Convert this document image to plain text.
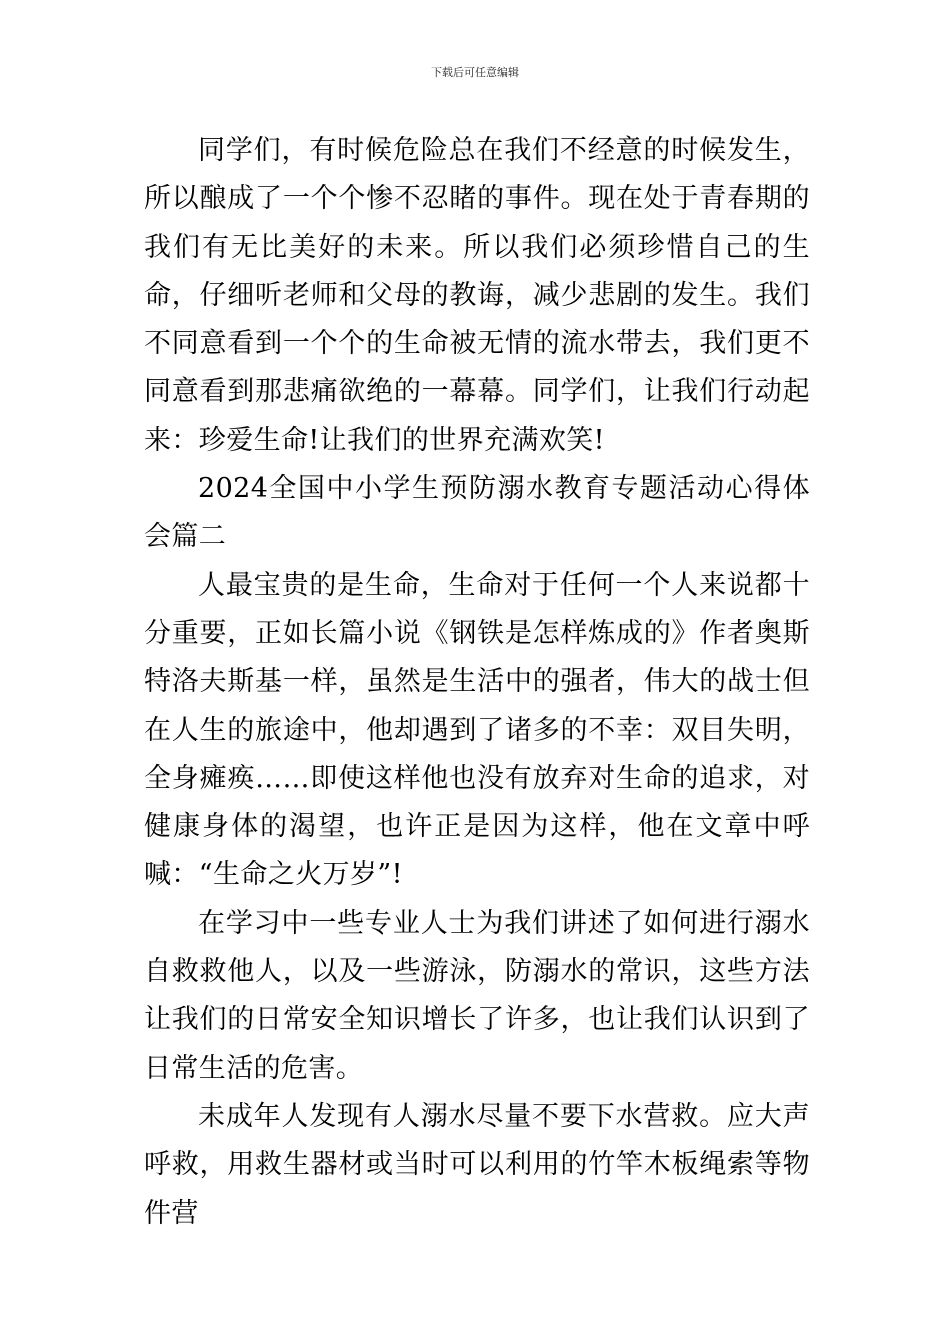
下载后可任意编辑

同学们，有时候危险总在我们不经意的时候发生，所以酿成了一个个惨不忍睹的事件。现在处于青春期的我们有无比美好的未来。所以我们必须珍惜自己的生命，仔细听老师和父母的教诲，减少悲剧的发生。我们不同意看到一个个的生命被无情的流水带去，我们更不同意看到那悲痛欲绝的一幕幕。同学们，让我们行动起来：珍爱生命!让我们的世界充满欢笑!

2024全国中小学生预防溺水教育专题活动心得体会篇二

人最宝贵的是生命，生命对于任何一个人来说都十分重要，正如长篇小说《钢铁是怎样炼成的》作者奥斯特洛夫斯基一样，虽然是生活中的强者，伟大的战士但在人生的旅途中，他却遇到了诸多的不幸：双目失明，全身瘫痪……即使这样他也没有放弃对生命的追求，对健康身体的渴望，也许正是因为这样，他在文章中呼喊：“生命之火万岁”!

在学习中一些专业人士为我们讲述了如何进行溺水自救救他人，以及一些游泳，防溺水的常识，这些方法让我们的日常安全知识增长了许多，也让我们认识到了日常生活的危害。

未成年人发现有人溺水尽量不要下水营救。应大声呼救，用救生器材或当时可以利用的竹竿木板绳索等物件营
